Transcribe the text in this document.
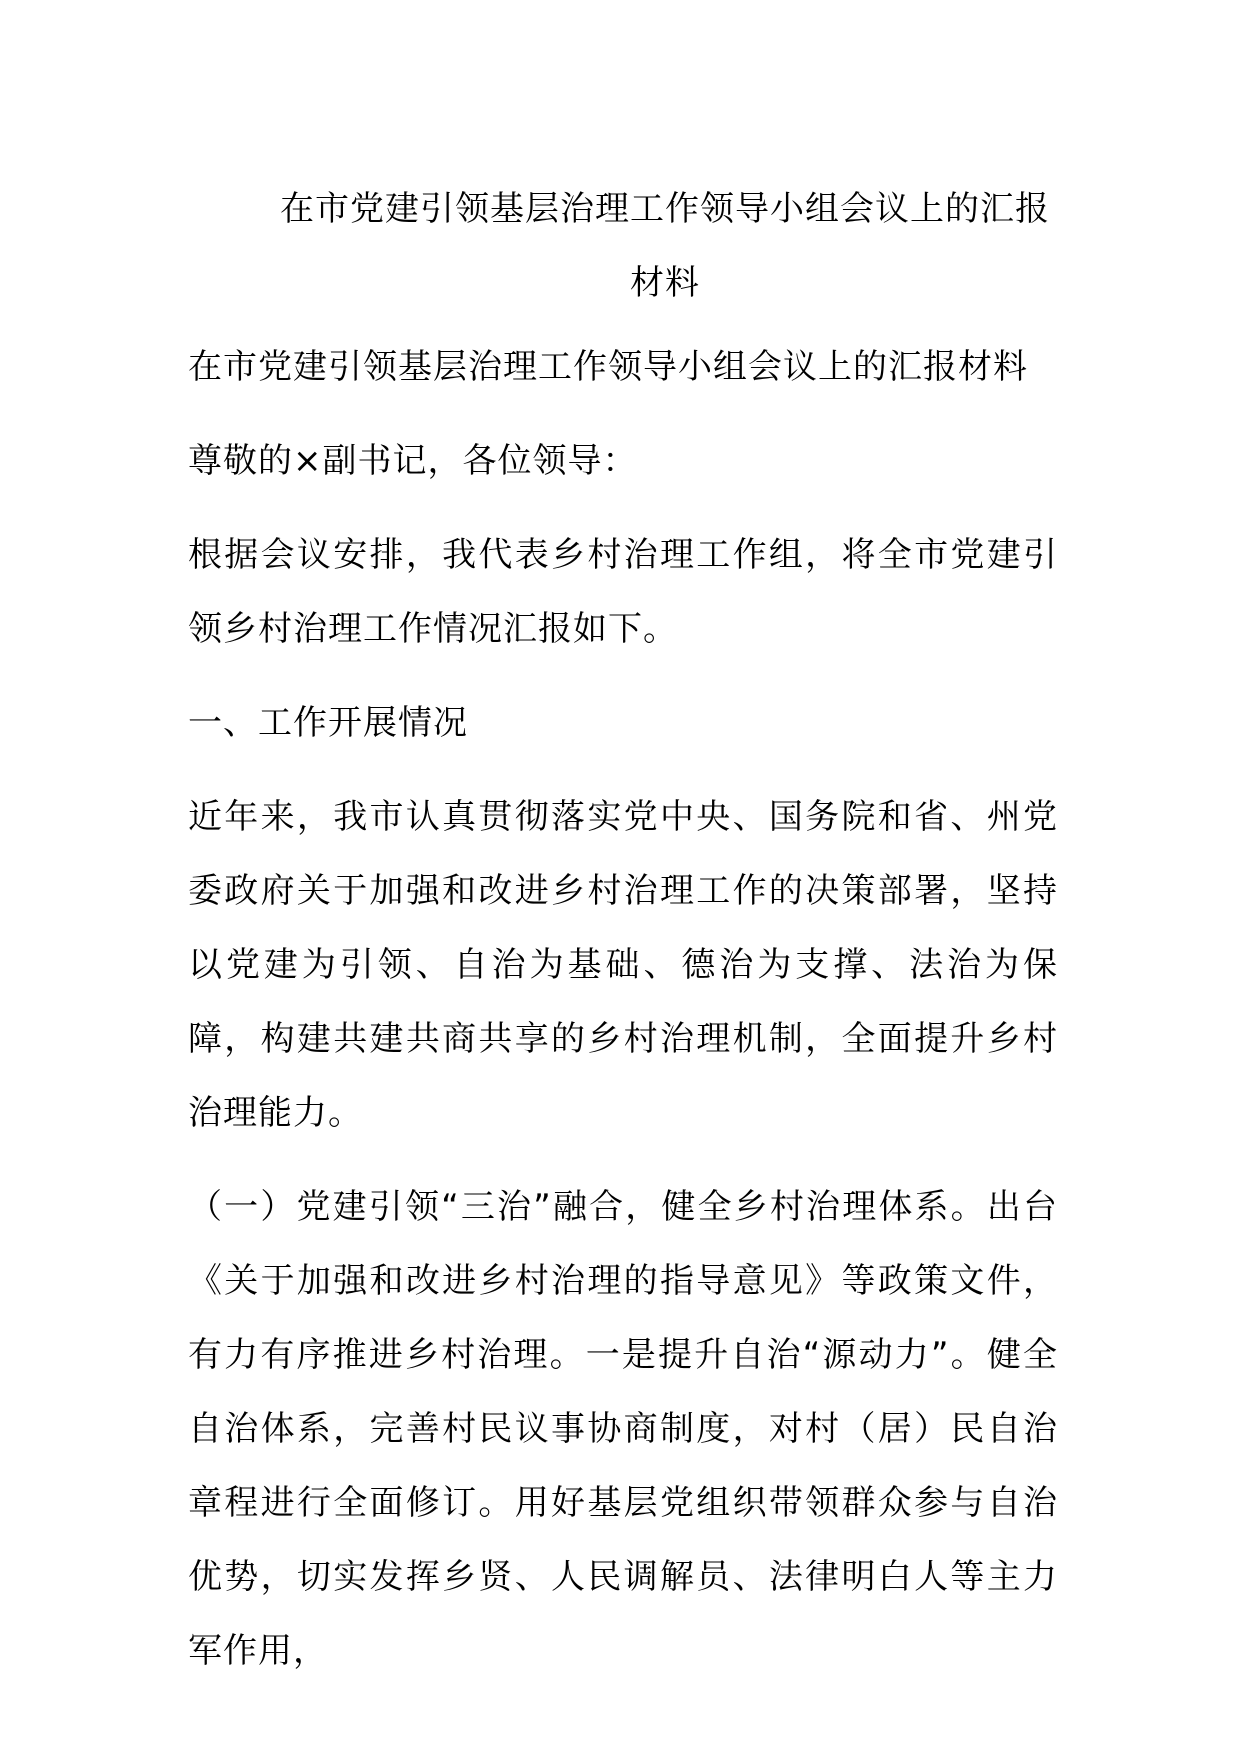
在市党建引领基层治理工作领导小组会议上的汇报材料

在市党建引领基层治理工作领导小组会议上的汇报材料

尊敬的×副书记，各位领导：

根据会议安排，我代表乡村治理工作组，将全市党建引领乡村治理工作情况汇报如下。

一、工作开展情况

近年来，我市认真贯彻落实党中央、国务院和省、州党委政府关于加强和改进乡村治理工作的决策部署，坚持以党建为引领、自治为基础、德治为支撑、法治为保障，构建共建共商共享的乡村治理机制，全面提升乡村治理能力。

（一）党建引领“三治”融合，健全乡村治理体系。出台《关于加强和改进乡村治理的指导意见》等政策文件，有力有序推进乡村治理。一是提升自治“源动力”。健全自治体系，完善村民议事协商制度，对村（居）民自治章程进行全面修订。用好基层党组织带领群众参与自治优势，切实发挥乡贤、人民调解员、法律明白人等主力军作用，
